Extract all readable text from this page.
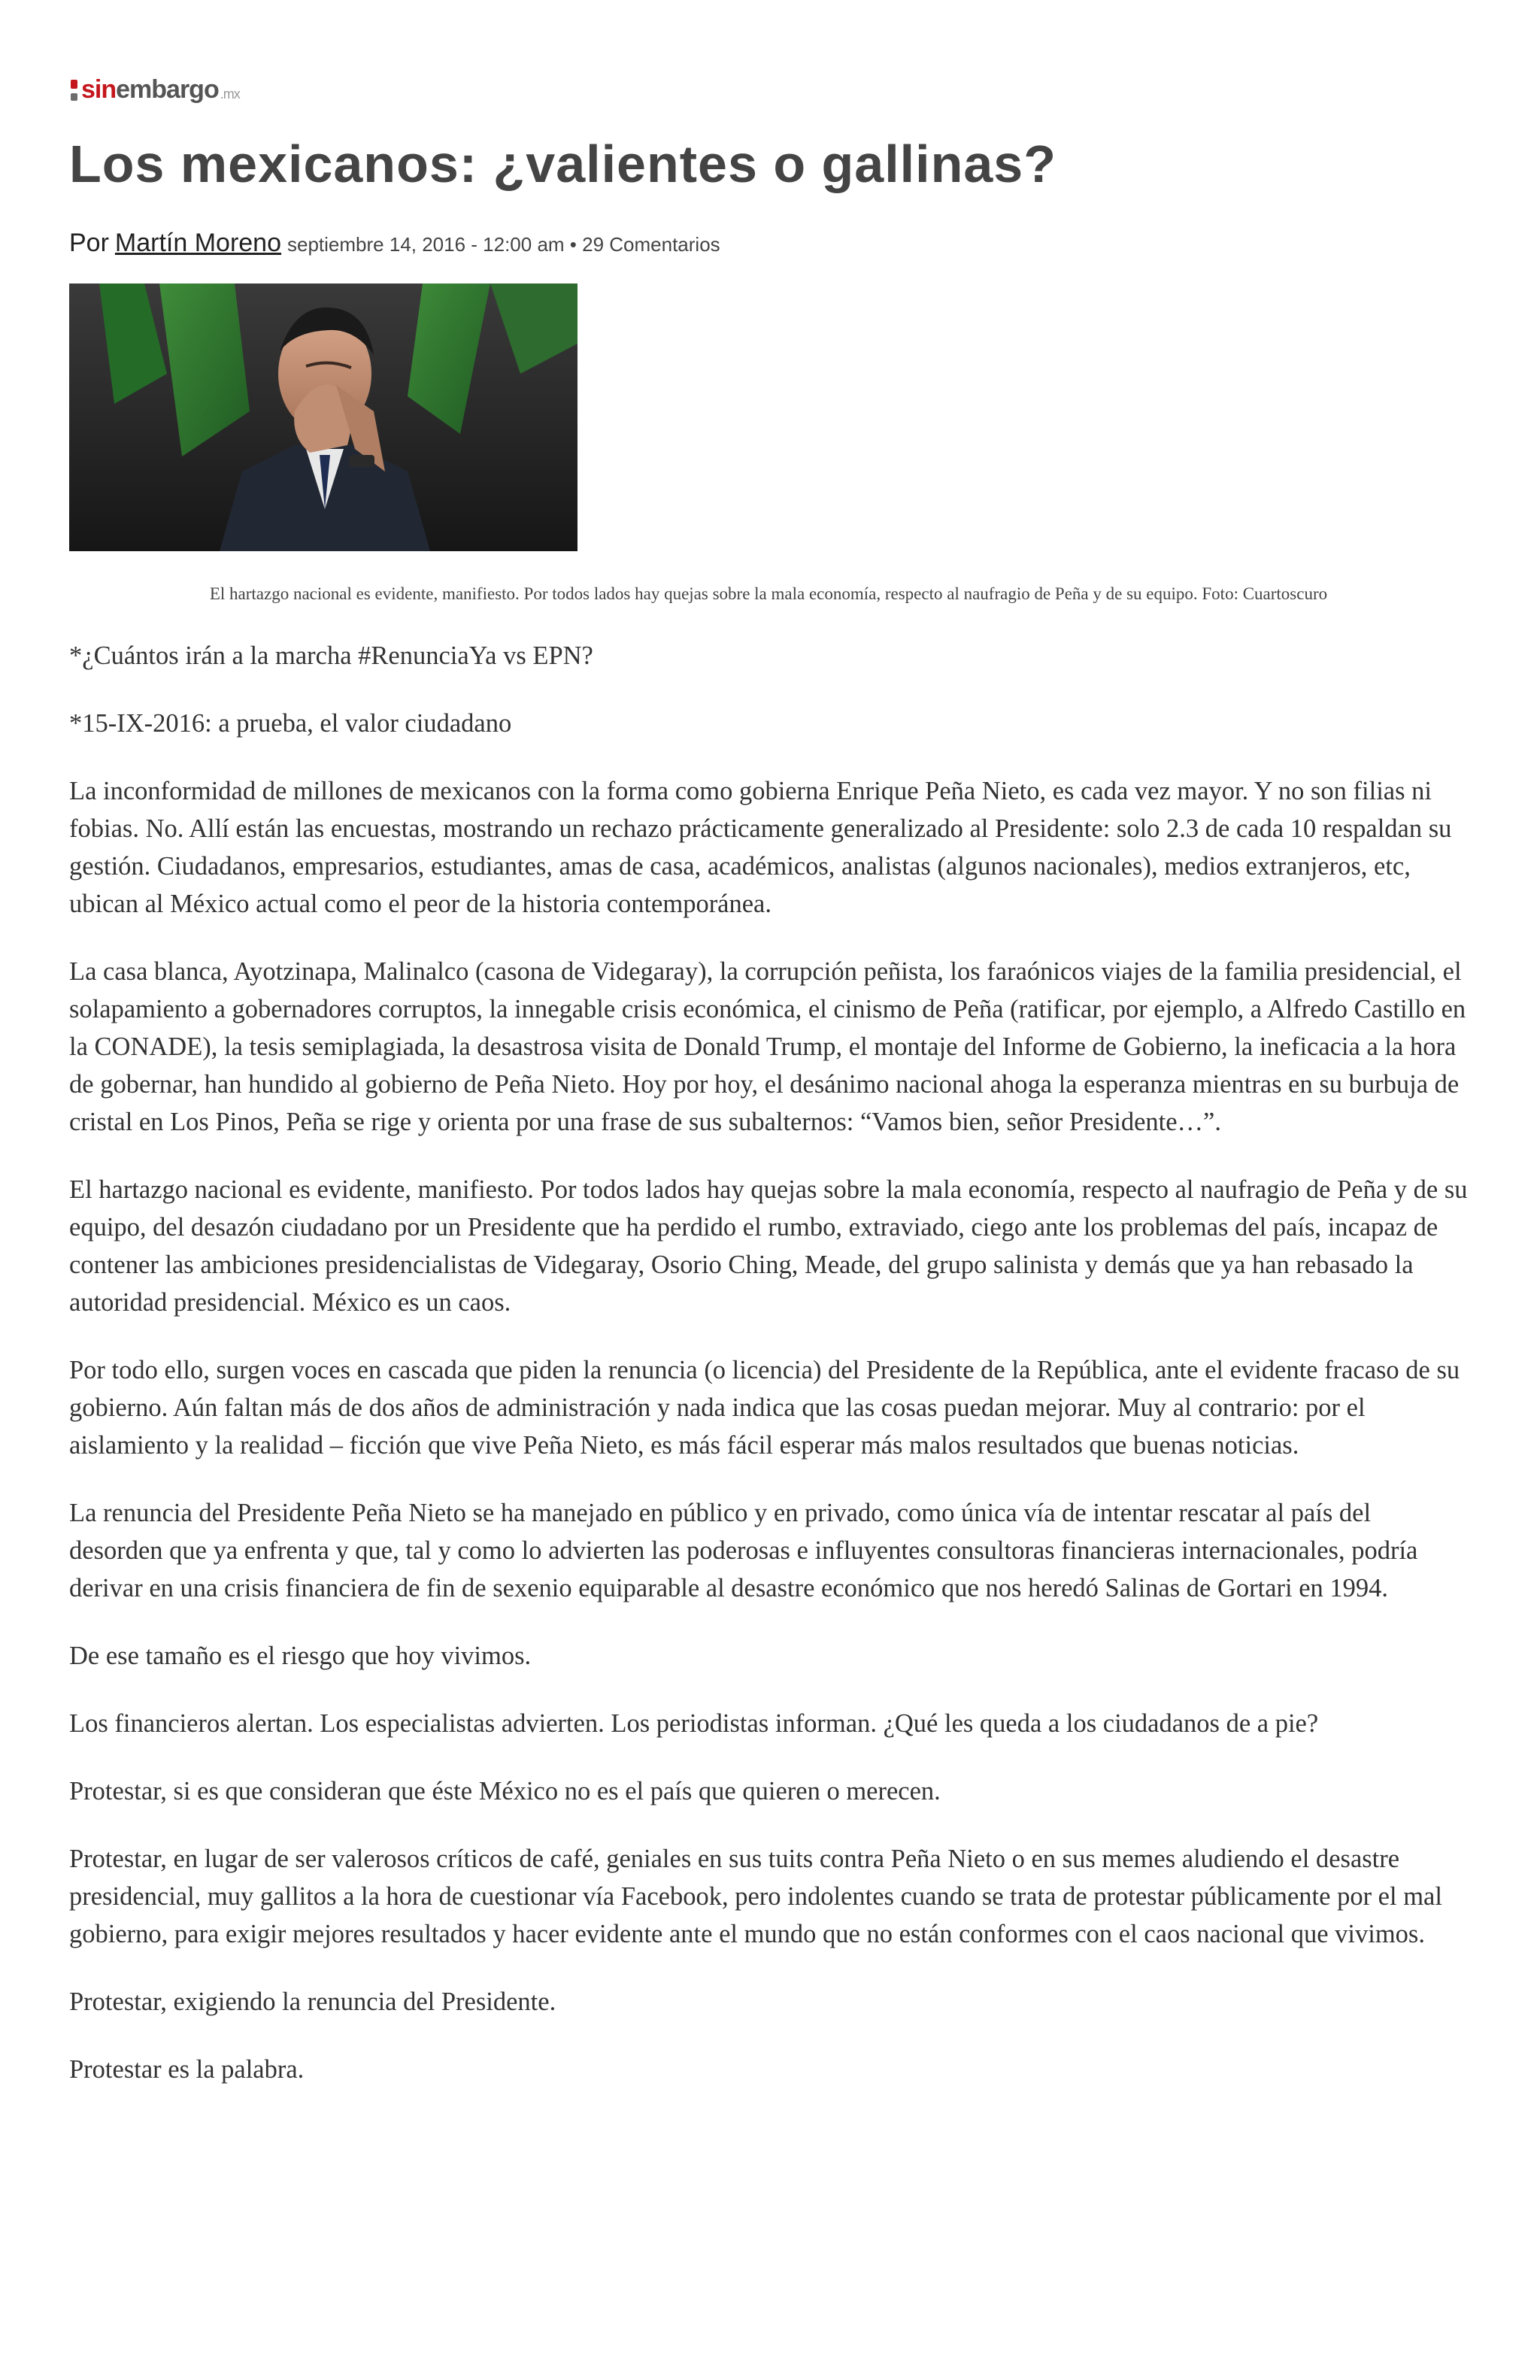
sin embargo .mx
Los mexicanos: ¿valientes o gallinas?
Por Martín Moreno septiembre 14, 2016 - 12:00 am • 29 Comentarios
El hartazgo nacional es evidente, manifiesto. Por todos lados hay quejas sobre la mala economía, respecto al naufragio de Peña y de su equipo. Foto: Cuartoscuro

*¿Cuántos irán a la marcha #RenunciaYa vs EPN?

*15-IX-2016: a prueba, el valor ciudadano

La inconformidad de millones de mexicanos con la forma como gobierna Enrique Peña Nieto, es cada vez mayor. Y no son filias ni fobias. No. Allí están las encuestas, mostrando un rechazo prácticamente generalizado al Presidente: solo 2.3 de cada 10 respaldan su gestión. Ciudadanos, empresarios, estudiantes, amas de casa, académicos, analistas (algunos nacionales), medios extranjeros, etc, ubican al México actual como el peor de la historia contemporánea.

La casa blanca, Ayotzinapa, Malinalco (casona de Videgaray), la corrupción peñista, los faraónicos viajes de la familia presidencial, el solapamiento a gobernadores corruptos, la innegable crisis económica, el cinismo de Peña (ratificar, por ejemplo, a Alfredo Castillo en la CONADE), la tesis semiplagiada, la desastrosa visita de Donald Trump, el montaje del Informe de Gobierno, la ineficacia a la hora de gobernar, han hundido al gobierno de Peña Nieto. Hoy por hoy, el desánimo nacional ahoga la esperanza mientras en su burbuja de cristal en Los Pinos, Peña se rige y orienta por una frase de sus subalternos: “Vamos bien, señor Presidente…”.

El hartazgo nacional es evidente, manifiesto. Por todos lados hay quejas sobre la mala economía, respecto al naufragio de Peña y de su equipo, del desazón ciudadano por un Presidente que ha perdido el rumbo, extraviado, ciego ante los problemas del país, incapaz de contener las ambiciones presidencialistas de Videgaray, Osorio Ching, Meade, del grupo salinista y demás que ya han rebasado la autoridad presidencial. México es un caos.

Por todo ello, surgen voces en cascada que piden la renuncia (o licencia) del Presidente de la República, ante el evidente fracaso de su gobierno. Aún faltan más de dos años de administración y nada indica que las cosas puedan mejorar. Muy al contrario: por el aislamiento y la realidad – ficción que vive Peña Nieto, es más fácil esperar más malos resultados que buenas noticias.

La renuncia del Presidente Peña Nieto se ha manejado en público y en privado, como única vía de intentar rescatar al país del desorden que ya enfrenta y que, tal y como lo advierten las poderosas e influyentes consultoras financieras internacionales, podría derivar en una crisis financiera de fin de sexenio equiparable al desastre económico que nos heredó Salinas de Gortari en 1994.

De ese tamaño es el riesgo que hoy vivimos.

Los financieros alertan. Los especialistas advierten. Los periodistas informan. ¿Qué les queda a los ciudadanos de a pie?

Protestar, si es que consideran que éste México no es el país que quieren o merecen.

Protestar, en lugar de ser valerosos críticos de café, geniales en sus tuits contra Peña Nieto o en sus memes aludiendo el desastre presidencial, muy gallitos a la hora de cuestionar vía Facebook, pero indolentes cuando se trata de protestar públicamente por el mal gobierno, para exigir mejores resultados y hacer evidente ante el mundo que no están conformes con el caos nacional que vivimos.

Protestar, exigiendo la renuncia del Presidente.

Protestar es la palabra.
